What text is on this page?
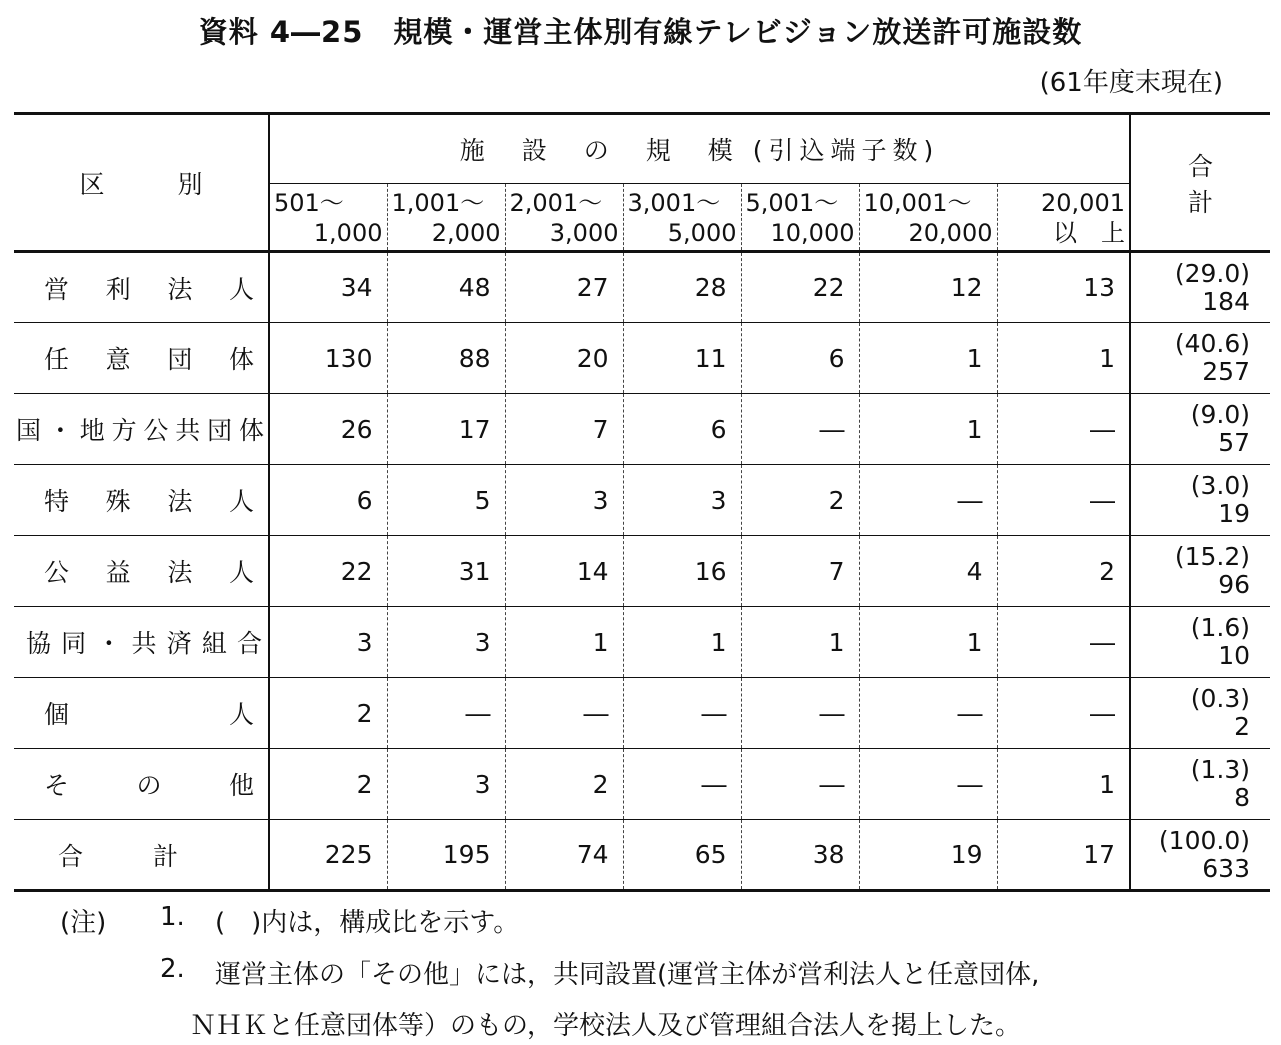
資料 4―25　規模・運営主体別有線テレビジョン放送許可施設数
(61年度末現在)
区　別	施　設　の　規　模 (引込端子数)							合　計

	501～
1,000	1,001～
2,000	2,001～
3,000	3,001～
5,000	5,001～
10,000	10,001～
20,000	20,001
以　上	

営利法人	34	48	27	28	22	12	13	(29.0)
184

任意団体	130	88	20	11	6	1	1	(40.6)
257

国・地方公共団体	26	17	7	6	―	1	―	(9.0)
57

特殊法人	6	5	3	3	2	―	―	(3.0)
19

公益法人	22	31	14	16	7	4	2	(15.2)
96

協同・共済組合	3	3	1	1	1	1	―	(1.6)
10

個人	2	―	―	―	―	―	―	(0.3)
2

その他	2	3	2	―	―	―	1	(1.3)
8

合計	225	195	74	65	38	19	17	(100.0)
633
(注) 1. (　)内は，構成比を示す。
2. 運営主体の「その他」には，共同設置(運営主体が営利法人と任意団体,
ＮＨＫと任意団体等）のもの，学校法人及び管理組合法人を掲上した。
